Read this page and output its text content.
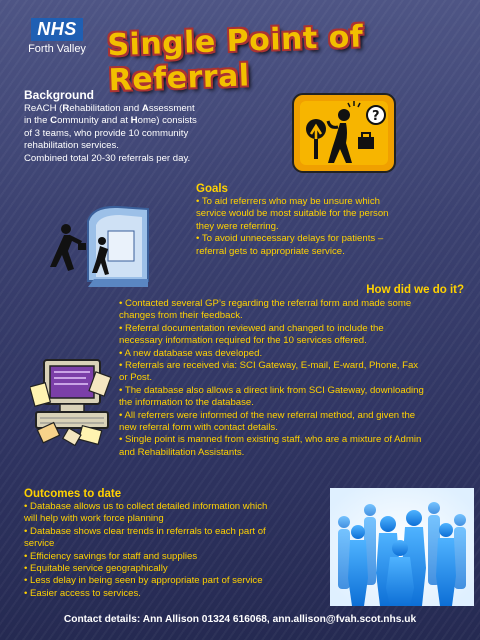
NHS
Forth Valley Single Point of Referral
Background
ReACH (Rehabilitation and Assessment
in the Community and at Home) consists
of 3 teams, who provide 10 community
rehabilitation services.
Combined total 20-30 referrals per day.
?
Goals
• To aid referrers who may be unsure which
service would be most suitable for the person
they were referring.
• To avoid unnecessary delays for patients –
referral gets to appropriate service.
How did we do it?
• Contacted several GP’s regarding the referral form and made some
changes from their feedback.
• Referral documentation reviewed and changed to include the
necessary information required for the 10 services offered.
• A new database was developed.
• Referrals are received via: SCI Gateway, E-mail, E-ward, Phone, Fax
or Post.
• The database also allows a direct link from SCI Gateway, downloading
the information to the database.
• All referrers were informed of the new referral method, and given the
new referral form with contact details.
• Single point is manned from existing staff, who are a mixture of Admin
and Rehabilitation Assistants.
Outcomes to date
• Database allows us to collect detailed information which
will help with work force planning
• Database shows clear trends in referrals to each part of
service
• Efficiency savings for staff and supplies
• Equitable service geographically
• Less delay in being seen by appropriate part of service
• Easier access to services.
Contact details: Ann Allison 01324 616068, ann.allison@fvah.scot.nhs.uk
